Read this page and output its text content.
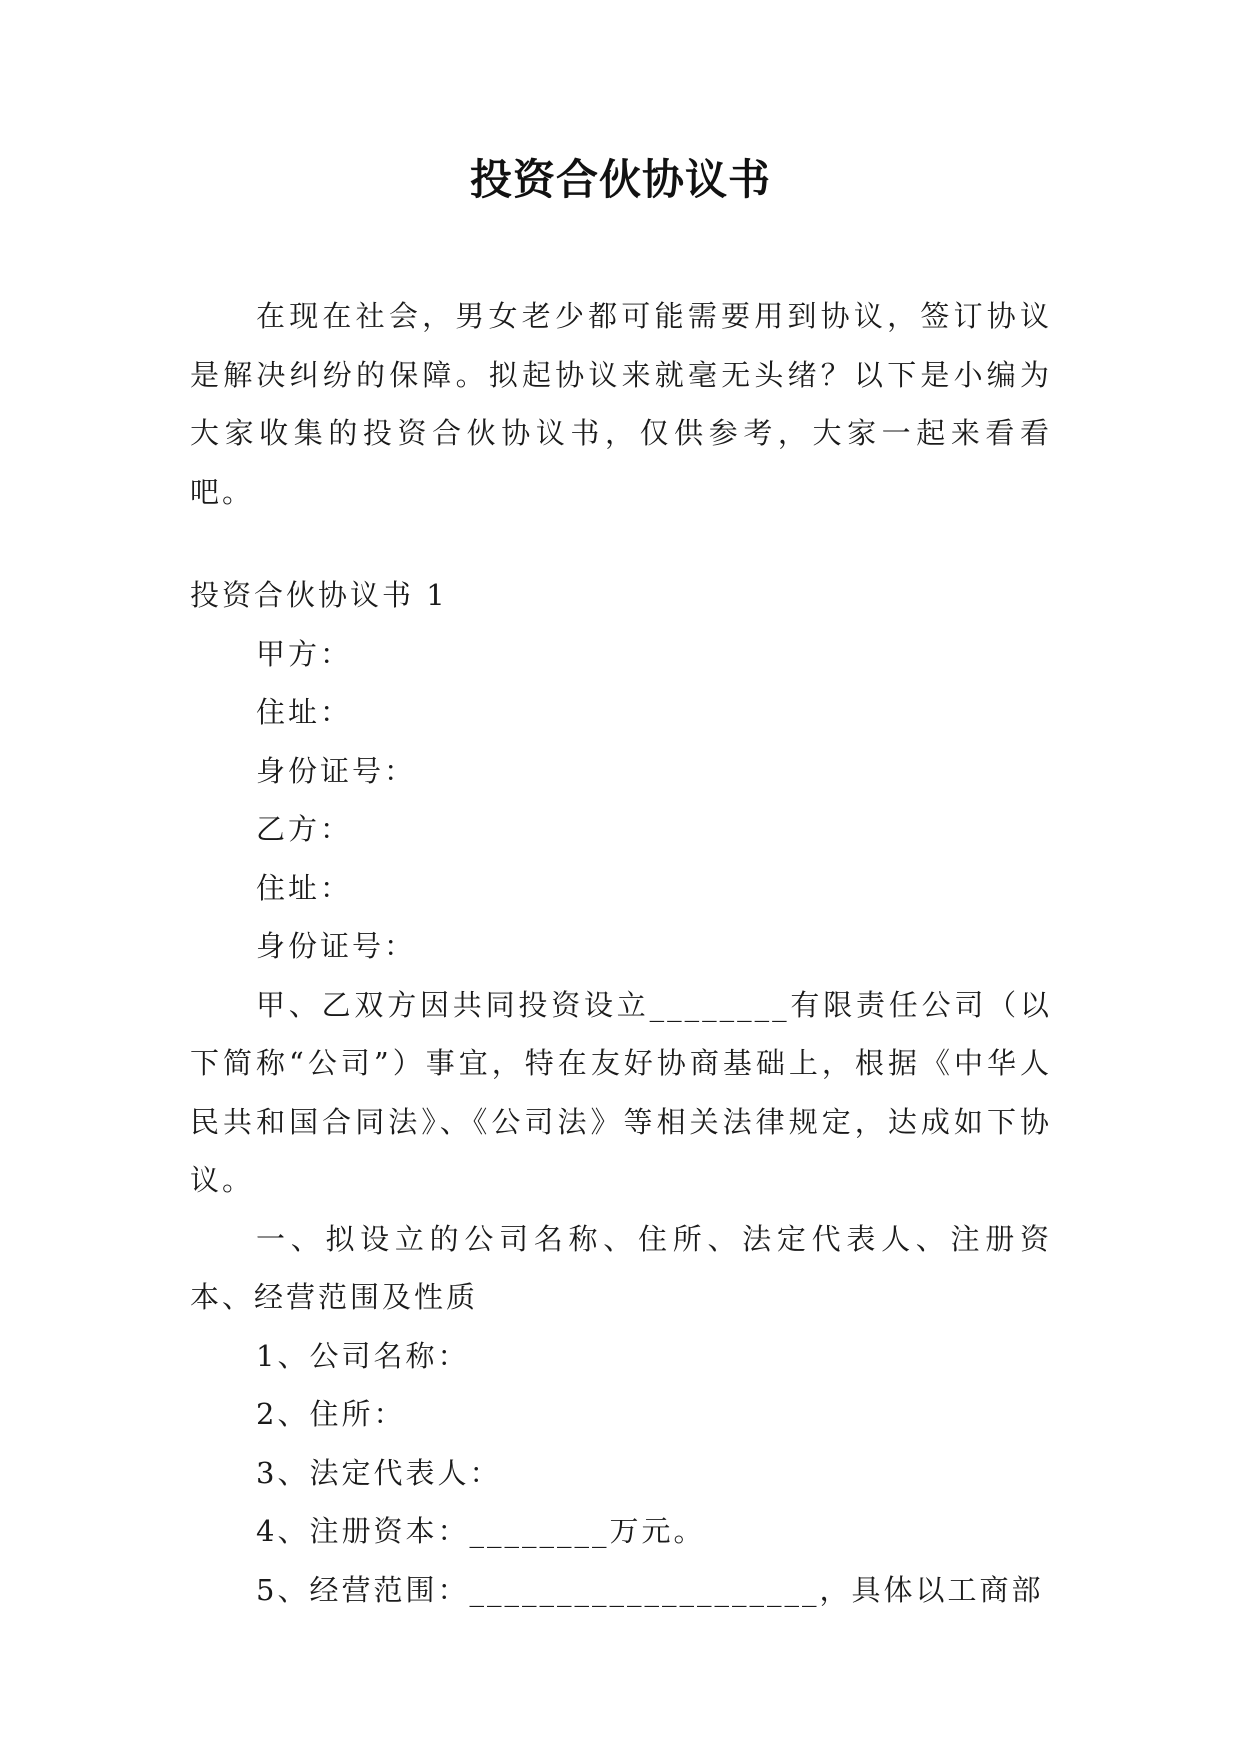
投资合伙协议书

在现在社会，男女老少都可能需要用到协议，签订协议是解决纠纷的保障。拟起协议来就毫无头绪？以下是小编为大家收集的投资合伙协议书，仅供参考，大家一起来看看吧。

投资合伙协议书 1

甲方：

住址：

身份证号：

乙方：

住址：

身份证号：

甲、乙双方因共同投资设立________有限责任公司（以下简称“公司”）事宜，特在友好协商基础上，根据《中华人民共和国合同法》、《公司法》等相关法律规定，达成如下协议。

一、拟设立的公司名称、住所、法定代表人、注册资本、经营范围及性质

1、公司名称：

2、住所：

3、法定代表人：

4、注册资本：________万元。

5、经营范围：____________________，具体以工商部
